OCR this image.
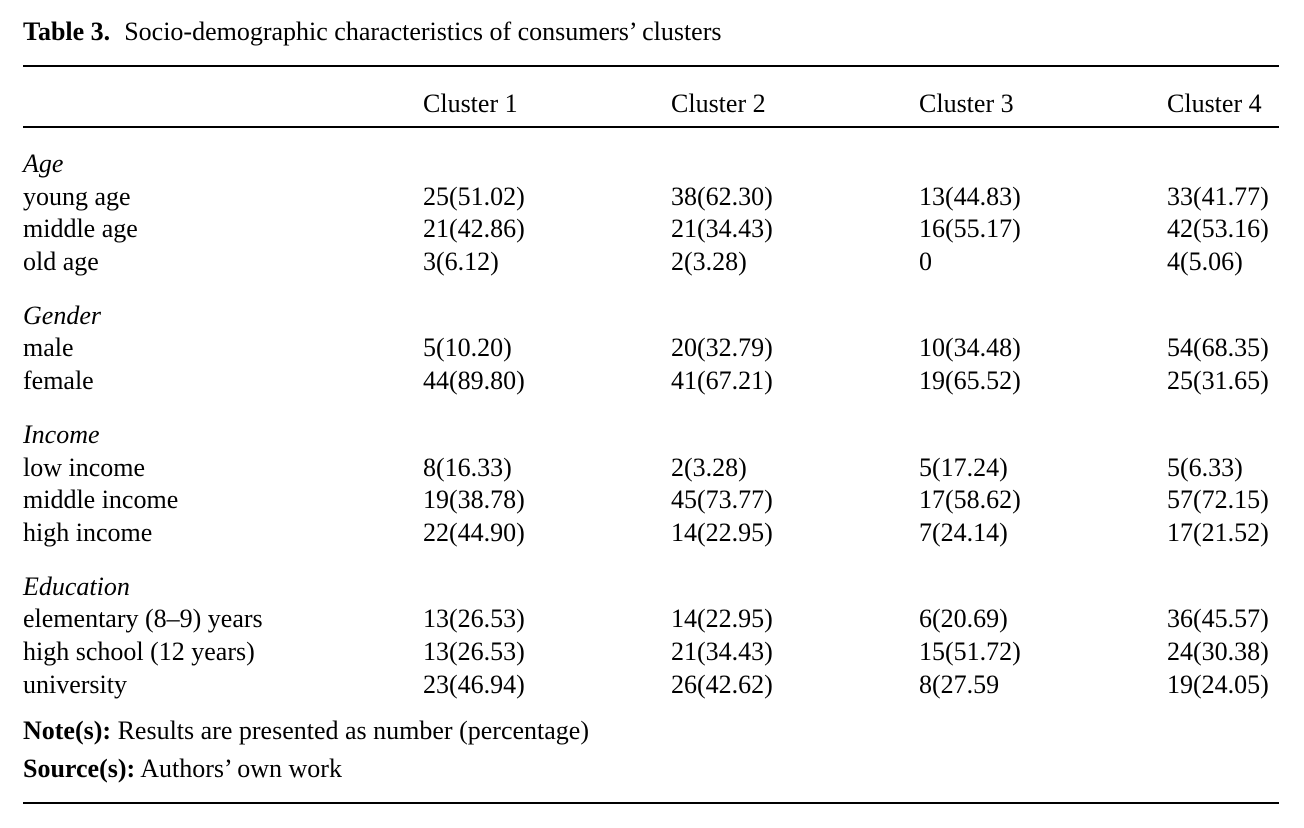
Table 3. Socio-demographic characteristics of consumers’ clusters
Cluster 1	Cluster 2	Cluster 3	Cluster 4
Age
young age	25(51.02)	38(62.30)	13(44.83)	33(41.77)
middle age	21(42.86)	21(34.43)	16(55.17)	42(53.16)
old age	3(6.12)	2(3.28)	0	4(5.06)
Gender
male	5(10.20)	20(32.79)	10(34.48)	54(68.35)
female	44(89.80)	41(67.21)	19(65.52)	25(31.65)
Income
low income	8(16.33)	2(3.28)	5(17.24)	5(6.33)
middle income	19(38.78)	45(73.77)	17(58.62)	57(72.15)
high income	22(44.90)	14(22.95)	7(24.14)	17(21.52)
Education
elementary (8–9) years	13(26.53)	14(22.95)	6(20.69)	36(45.57)
high school (12 years)	13(26.53)	21(34.43)	15(51.72)	24(30.38)
university	23(46.94)	26(42.62)	8(27.59	19(24.05)
Note(s): Results are presented as number (percentage)
Source(s): Authors’ own work
